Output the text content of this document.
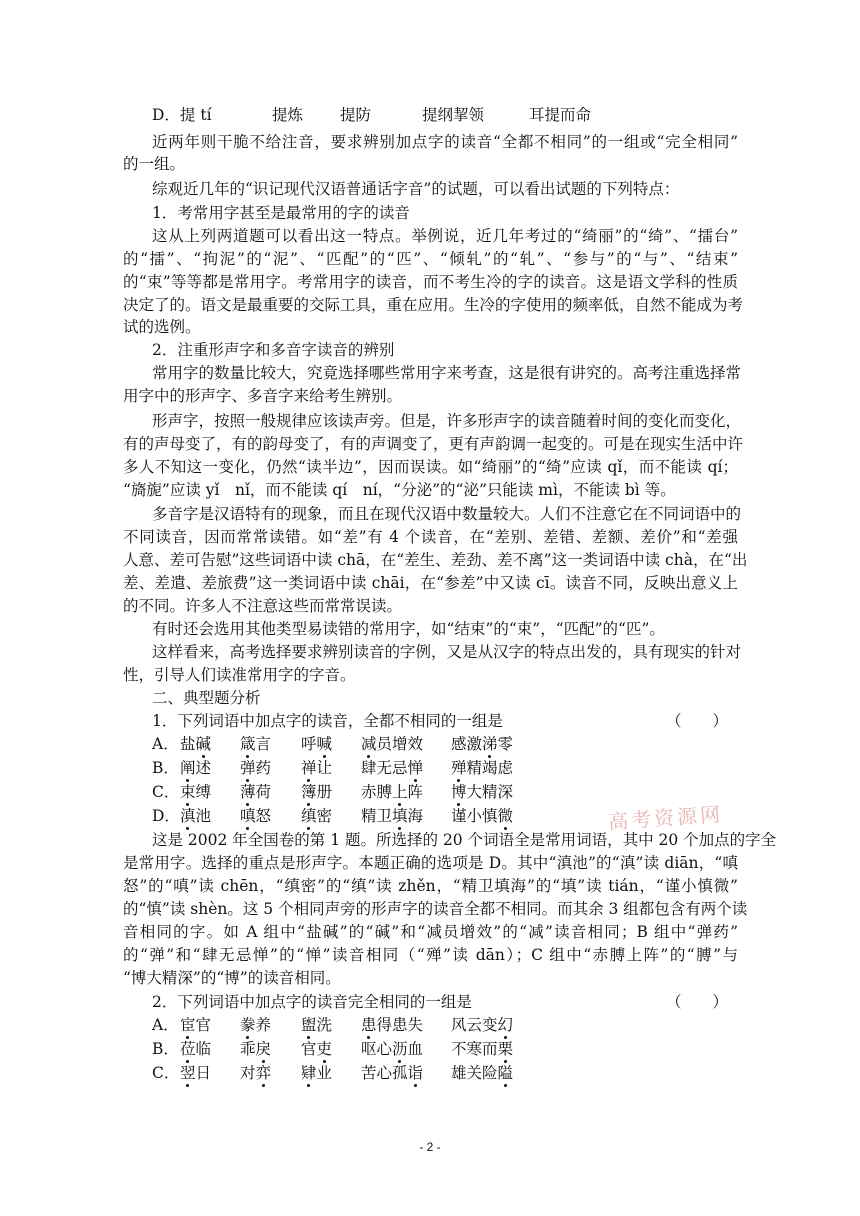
D．提 tí	提炼 提防	提纲挈领	耳提而命
近两年则干脆不给注音，要求辨别加点字的读音“全都不相同”的一组或“完全相同”
的一组。
综观近几年的“识记现代汉语普通话字音”的试题，可以看出试题的下列特点：
1．考常用字甚至是最常用的字的读音
这从上列两道题可以看出这一特点。举例说，近几年考过的“绮丽”的“绮”、“擂台”
的“擂”、“拘泥”的“泥”、“匹配”的“匹”、“倾轧”的“轧”、“参与”的“与”、“结束”
的“束”等等都是常用字。考常用字的读音，而不考生冷的字的读音。这是语文学科的性质
决定了的。语文是最重要的交际工具，重在应用。生冷的字使用的频率低，自然不能成为考
试的选例。
2．注重形声字和多音字读音的辨别
常用字的数量比较大，究竟选择哪些常用字来考查，这是很有讲究的。高考注重选择常
用字中的形声字、多音字来给考生辨别。
形声字，按照一般规律应该读声旁。但是，许多形声字的读音随着时间的变化而变化，
有的声母变了，有的韵母变了，有的声调变了，更有声韵调一起变的。可是在现实生活中许
多人不知这一变化，仍然“读半边”，因而误读。如“绮丽”的“绮”应读 qǐ，而不能读 qí；
“旖旎”应读 yǐ　nǐ，而不能读 qí　ní，“分泌”的“泌”只能读 mì，不能读 bì 等。
多音字是汉语特有的现象，而且在现代汉语中数量较大。人们不注意它在不同词语中的
不同读音，因而常常读错。如“差”有 4 个读音，在“差别、差错、差额、差价”和“差强
人意、差可告慰”这些词语中读 chā，在“差生、差劲、差不离”这一类词语中读 chà，在“出
差、差遣、差旅费”这一类词语中读 chāi，在“参差”中又读 cī。读音不同，反映出意义上
的不同。许多人不注意这些而常常误读。
有时还会选用其他类型易读错的常用字，如“结束”的“束”，“匹配”的“匹”。
这样看来，高考选择要求辨别读音的字例，又是从汉字的特点出发的，具有现实的针对
性，引导人们读准常用字的字音。
二、典型题分析
1．下列词语中加点字的读音，全都不相同的一组是	（　　）
A． 盐碱 箴言 呼喊 减员增效 感激涕零
B． 阐述 弹药 禅让 肆无忌惮 殚精竭虑
C． 束缚 薄荷 簿册 赤膊上阵 博大精深
D． 滇池 嗔怒 缜密 精卫填海 谨小慎微
这是 2002 年全国卷的第 1 题。所选择的 20 个词语全是常用词语，其中 20 个加点的字全
是常用字。选择的重点是形声字。本题正确的选项是 D。其中“滇池”的“滇”读 diān，“嗔
怒”的“嗔”读 chēn，“缜密”的“缜”读 zhěn，“精卫填海”的“填”读 tián，“谨小慎微”
的“慎”读 shèn。这 5 个相同声旁的形声字的读音全都不相同。而其余 3 组都包含有两个读
音相同的字。如 A 组中“盐碱”的“碱”和“减员增效”的“减”读音相同；B 组中“弹药”
的“弹”和“肆无忌惮”的“惮”读音相同（“殚”读 dān）；C 组中“赤膊上阵”的“膊”与
“博大精深”的“博”的读音相同。
2．下列词语中加点字的读音完全相同的一组是	（　　）
A． 宦官 豢养 盥洗 患得患失 风云变幻
B． 莅临 乖戾 官吏 呕心沥血 不寒而栗
C． 翌日 对弈 肄业 苦心孤诣 雄关险隘
高考资源网
- 2 -
